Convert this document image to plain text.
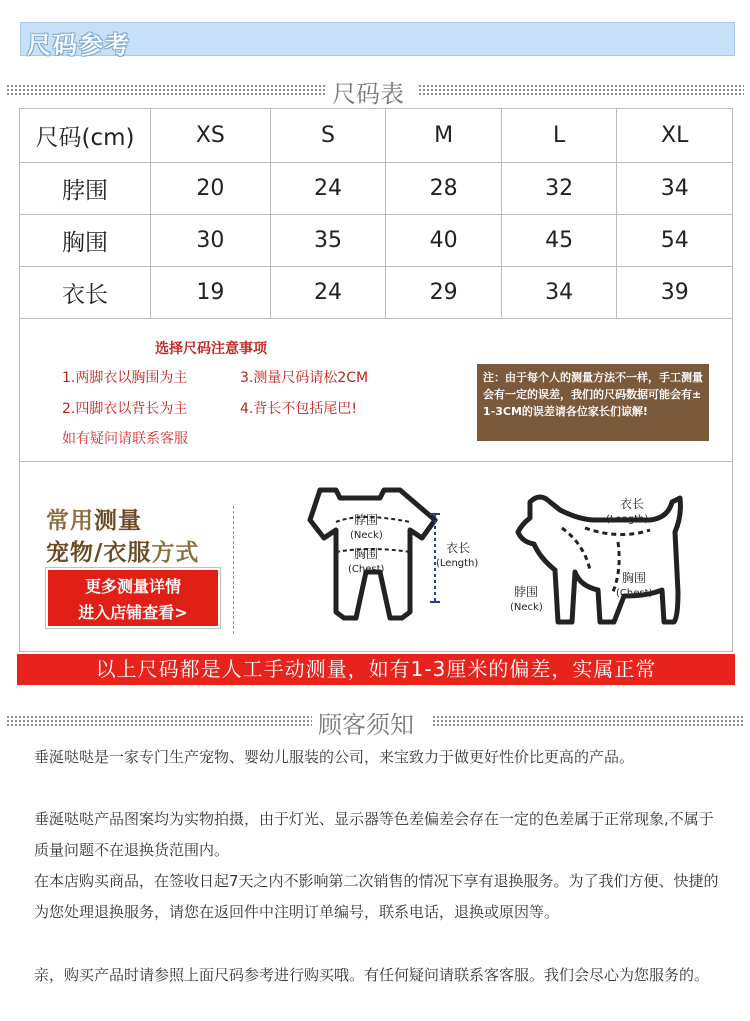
尺码参考
尺码表
尺码(cm)	XS	S	M	L	XL
脖围	20	24	28	32	34
胸围	30	35	40	45	54
衣长	19	24	29	34	39
选择尺码注意事项
1.两脚衣以胸围为主	3.测量尺码请松2CM
2.四脚衣以背长为主	4.背长不包括尾巴!
如有疑问请联系客服
注：由于每个人的测量方法不一样，手工测量会有一定的误差，我们的尺码数据可能会有± 1-3CM的误差请各位家长们谅解!
常用测量
宠物/衣服方式
更多测量详情
进入店铺查看>
脖围
(Neck)
胸围
(Chest)
衣长
(Length)
衣长
(Length)
胸围
(Chest)
脖围
(Neck)
以上尺码都是人工手动测量，如有1-3厘米的偏差，实属正常
顾客须知
垂涎哒哒是一家专门生产宠物、婴幼儿服装的公司，来宝致力于做更好性价比更高的产品。
垂涎哒哒产品图案均为实物拍摄，由于灯光、显示器等色差偏差会存在一定的色差属于正常现象,不属于质量问题不在退换货范围内。
在本店购买商品，在签收日起7天之内不影响第二次销售的情况下享有退换服务。为了我们方便、快捷的为您处理退换服务，请您在返回件中注明订单编号，联系电话，退换或原因等。
亲，购买产品时请参照上面尺码参考进行购买哦。有任何疑问请联系客客服。我们会尽心为您服务的。
